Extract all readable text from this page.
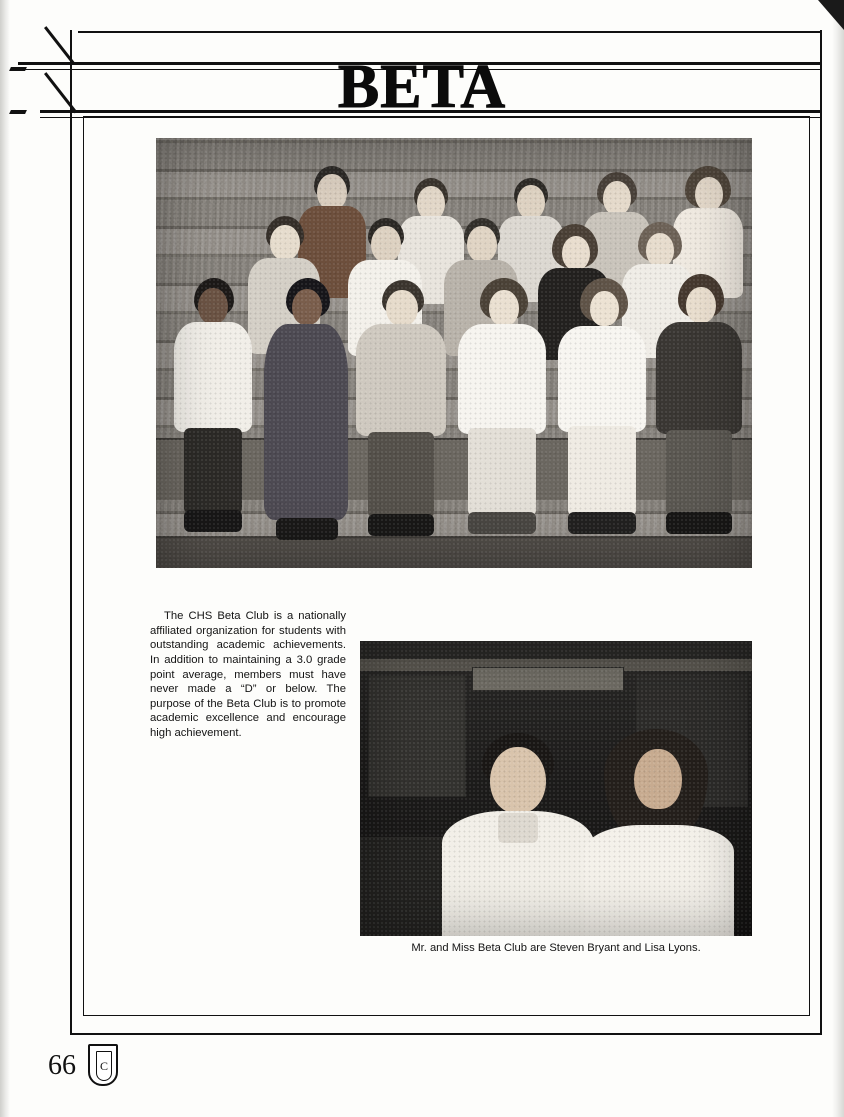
BETA

The CHS Beta Club is a nationally affiliated organization for students with outstanding academic achievements. In addition to maintaining a 3.0 grade point average, members must have never made a “D” or below. The purpose of the Beta Club is to promote academic excellence and encourage high achievement.

Mr. and Miss Beta Club are Steven Bryant and Lisa Lyons.
66	C
